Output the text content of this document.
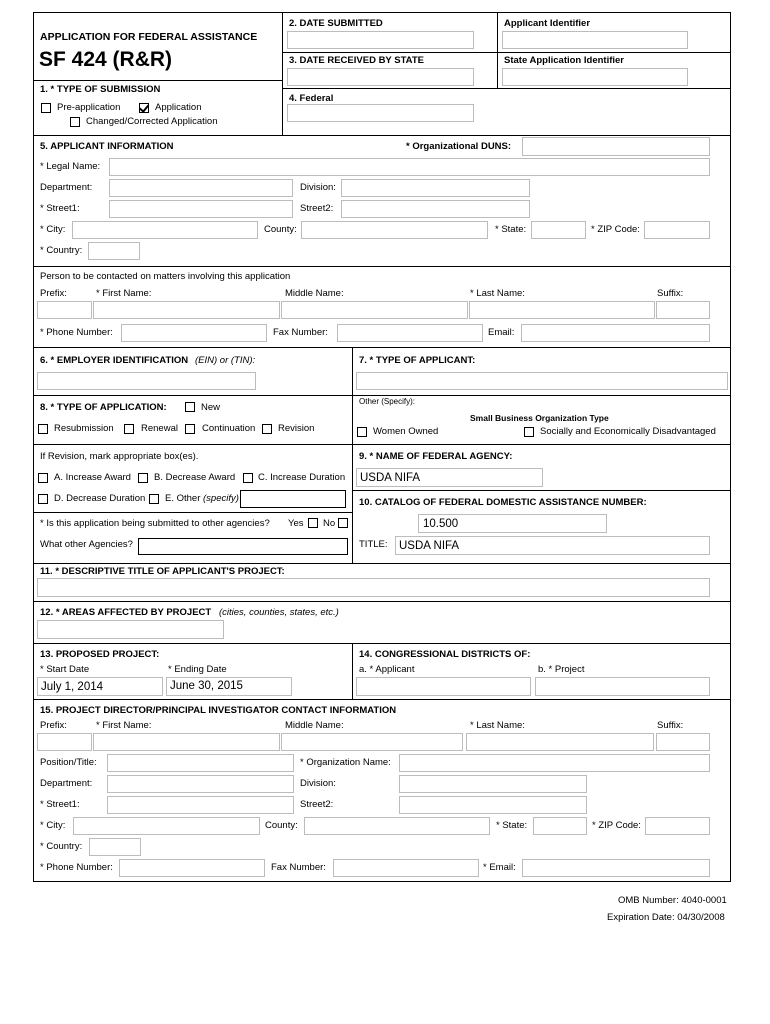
APPLICATION FOR FEDERAL ASSISTANCE
SF 424 (R&R)
2. DATE SUBMITTED	Applicant Identifier
3. DATE RECEIVED BY STATE	State Application Identifier
4. Federal
1. * TYPE OF SUBMISSION
Pre-application	Application
Changed/Corrected Application
5. APPLICANT INFORMATION	* Organizational DUNS:
* Legal Name:
Department:	Division:
* Street1:	Street2:
* City:	County:	* State:	* ZIP Code:
* Country:
Person to be contacted on matters involving this application
Prefix:	* First Name:	Middle Name:	* Last Name:	Suffix:
* Phone Number:	Fax Number:	Email:
6. * EMPLOYER IDENTIFICATION (EIN) or (TIN):	7. * TYPE OF APPLICANT:
Other (Specify):
Small Business Organization Type
Women Owned	Socially and Economically Disadvantaged
8. * TYPE OF APPLICATION:	New
Resubmission	Renewal	Continuation Revision
If Revision, mark appropriate box(es).
A. Increase Award B. Decrease Award C. Increase Duration
D. Decrease Duration E. Other (specify)
* Is this application being submitted to other agencies? Yes No
What other Agencies?
9. * NAME OF FEDERAL AGENCY:
USDA NIFA
10. CATALOG OF FEDERAL DOMESTIC ASSISTANCE NUMBER:
10.500
TITLE: USDA NIFA
11. * DESCRIPTIVE TITLE OF APPLICANT'S PROJECT:
12. * AREAS AFFECTED BY PROJECT (cities, counties, states, etc.)
13. PROPOSED PROJECT:
* Start Date	* Ending Date
July 1, 2014	June 30, 2015
14. CONGRESSIONAL DISTRICTS OF:
a. * Applicant	b. * Project
15. PROJECT DIRECTOR/PRINCIPAL INVESTIGATOR CONTACT INFORMATION
Prefix:	* First Name:	Middle Name:	* Last Name:	Suffix:
Position/Title:	* Organization Name:
Department:	Division:
* Street1:	Street2:
* City:	County:	* State:	* ZIP Code:
* Country:
* Phone Number:	Fax Number:	* Email:
OMB Number: 4040-0001
Expiration Date: 04/30/2008
